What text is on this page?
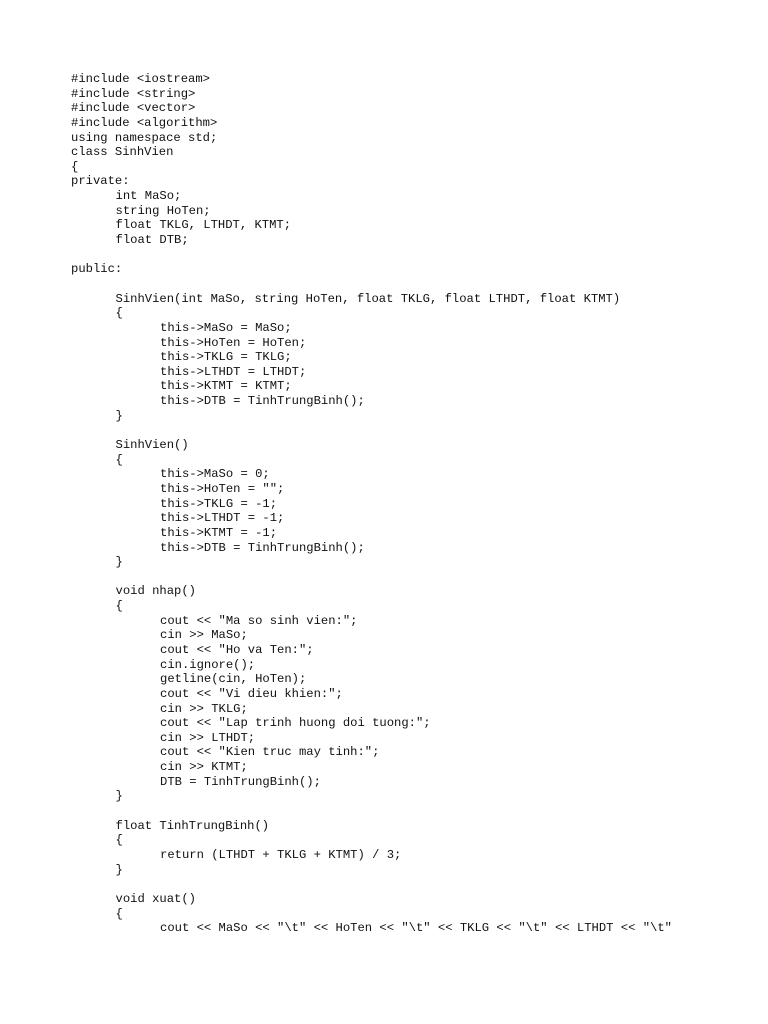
#include <iostream>
#include <string>
#include <vector>
#include <algorithm>
using namespace std;
class SinhVien
{
private:
int MaSo;
string HoTen;
float TKLG, LTHDT, KTMT;
float DTB;
public:
SinhVien(int MaSo, string HoTen, float TKLG, float LTHDT, float KTMT)
{
this->MaSo = MaSo;
this->HoTen = HoTen;
this->TKLG = TKLG;
this->LTHDT = LTHDT;
this->KTMT = KTMT;
this->DTB = TinhTrungBinh();
}
SinhVien()
{
this->MaSo = 0;
this->HoTen = "";
this->TKLG = -1;
this->LTHDT = -1;
this->KTMT = -1;
this->DTB = TinhTrungBinh();
}
void nhap()
{
cout << "Ma so sinh vien:";
cin >> MaSo;
cout << "Ho va Ten:";
cin.ignore();
getline(cin, HoTen);
cout << "Vi dieu khien:";
cin >> TKLG;
cout << "Lap trinh huong doi tuong:";
cin >> LTHDT;
cout << "Kien truc may tinh:";
cin >> KTMT;
DTB = TinhTrungBinh();
}
float TinhTrungBinh()
{
return (LTHDT + TKLG + KTMT) / 3;
}
void xuat()
{
cout << MaSo << "\t" << HoTen << "\t" << TKLG << "\t" << LTHDT << "\t"
